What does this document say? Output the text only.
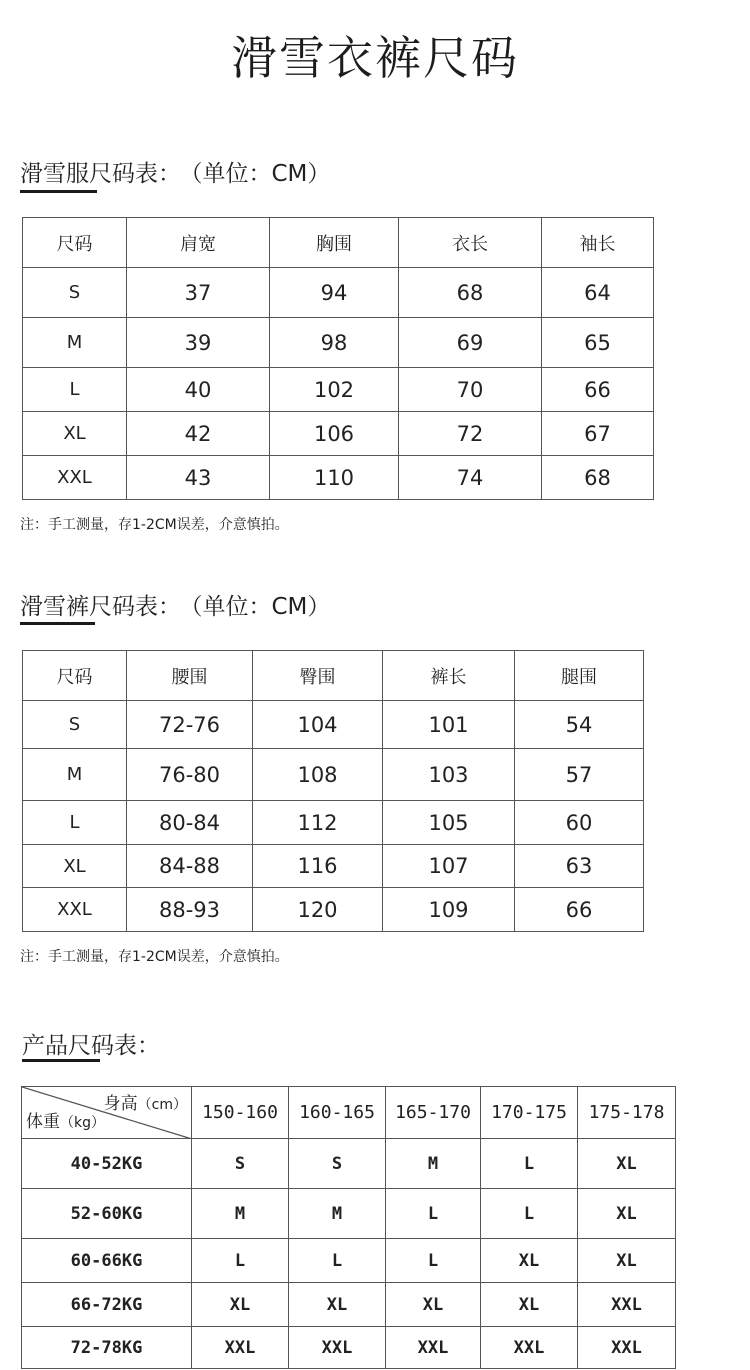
滑雪衣裤尺码
滑雪服尺码表： （单位：CM）
尺码	肩宽	胸围	衣长	袖长
S	37	94	68	64
M	39	98	69	65
L	40	102	70	66
XL	42	106	72	67
XXL	43	110	74	68
注：手工测量，存1-2CM误差，介意慎拍。
滑雪裤尺码表： （单位：CM）
尺码	腰围	臀围	裤长	腿围
S	72-76	104	101	54
M	76-80	108	103	57
L	80-84	112	105	60
XL	84-88	116	107	63
XXL	88-93	120	109	66
注：手工测量，存1-2CM误差，介意慎拍。
产品尺码表：
身高（cm）
体重（kg）	150-160	160-165	165-170	170-175	175-178
40-52KG	S	S	M	L	XL
52-60KG	M	M	L	L	XL
60-66KG	L	L	L	XL	XL
66-72KG	XL	XL	XL	XL	XXL
72-78KG	XXL	XXL	XXL	XXL	XXL
